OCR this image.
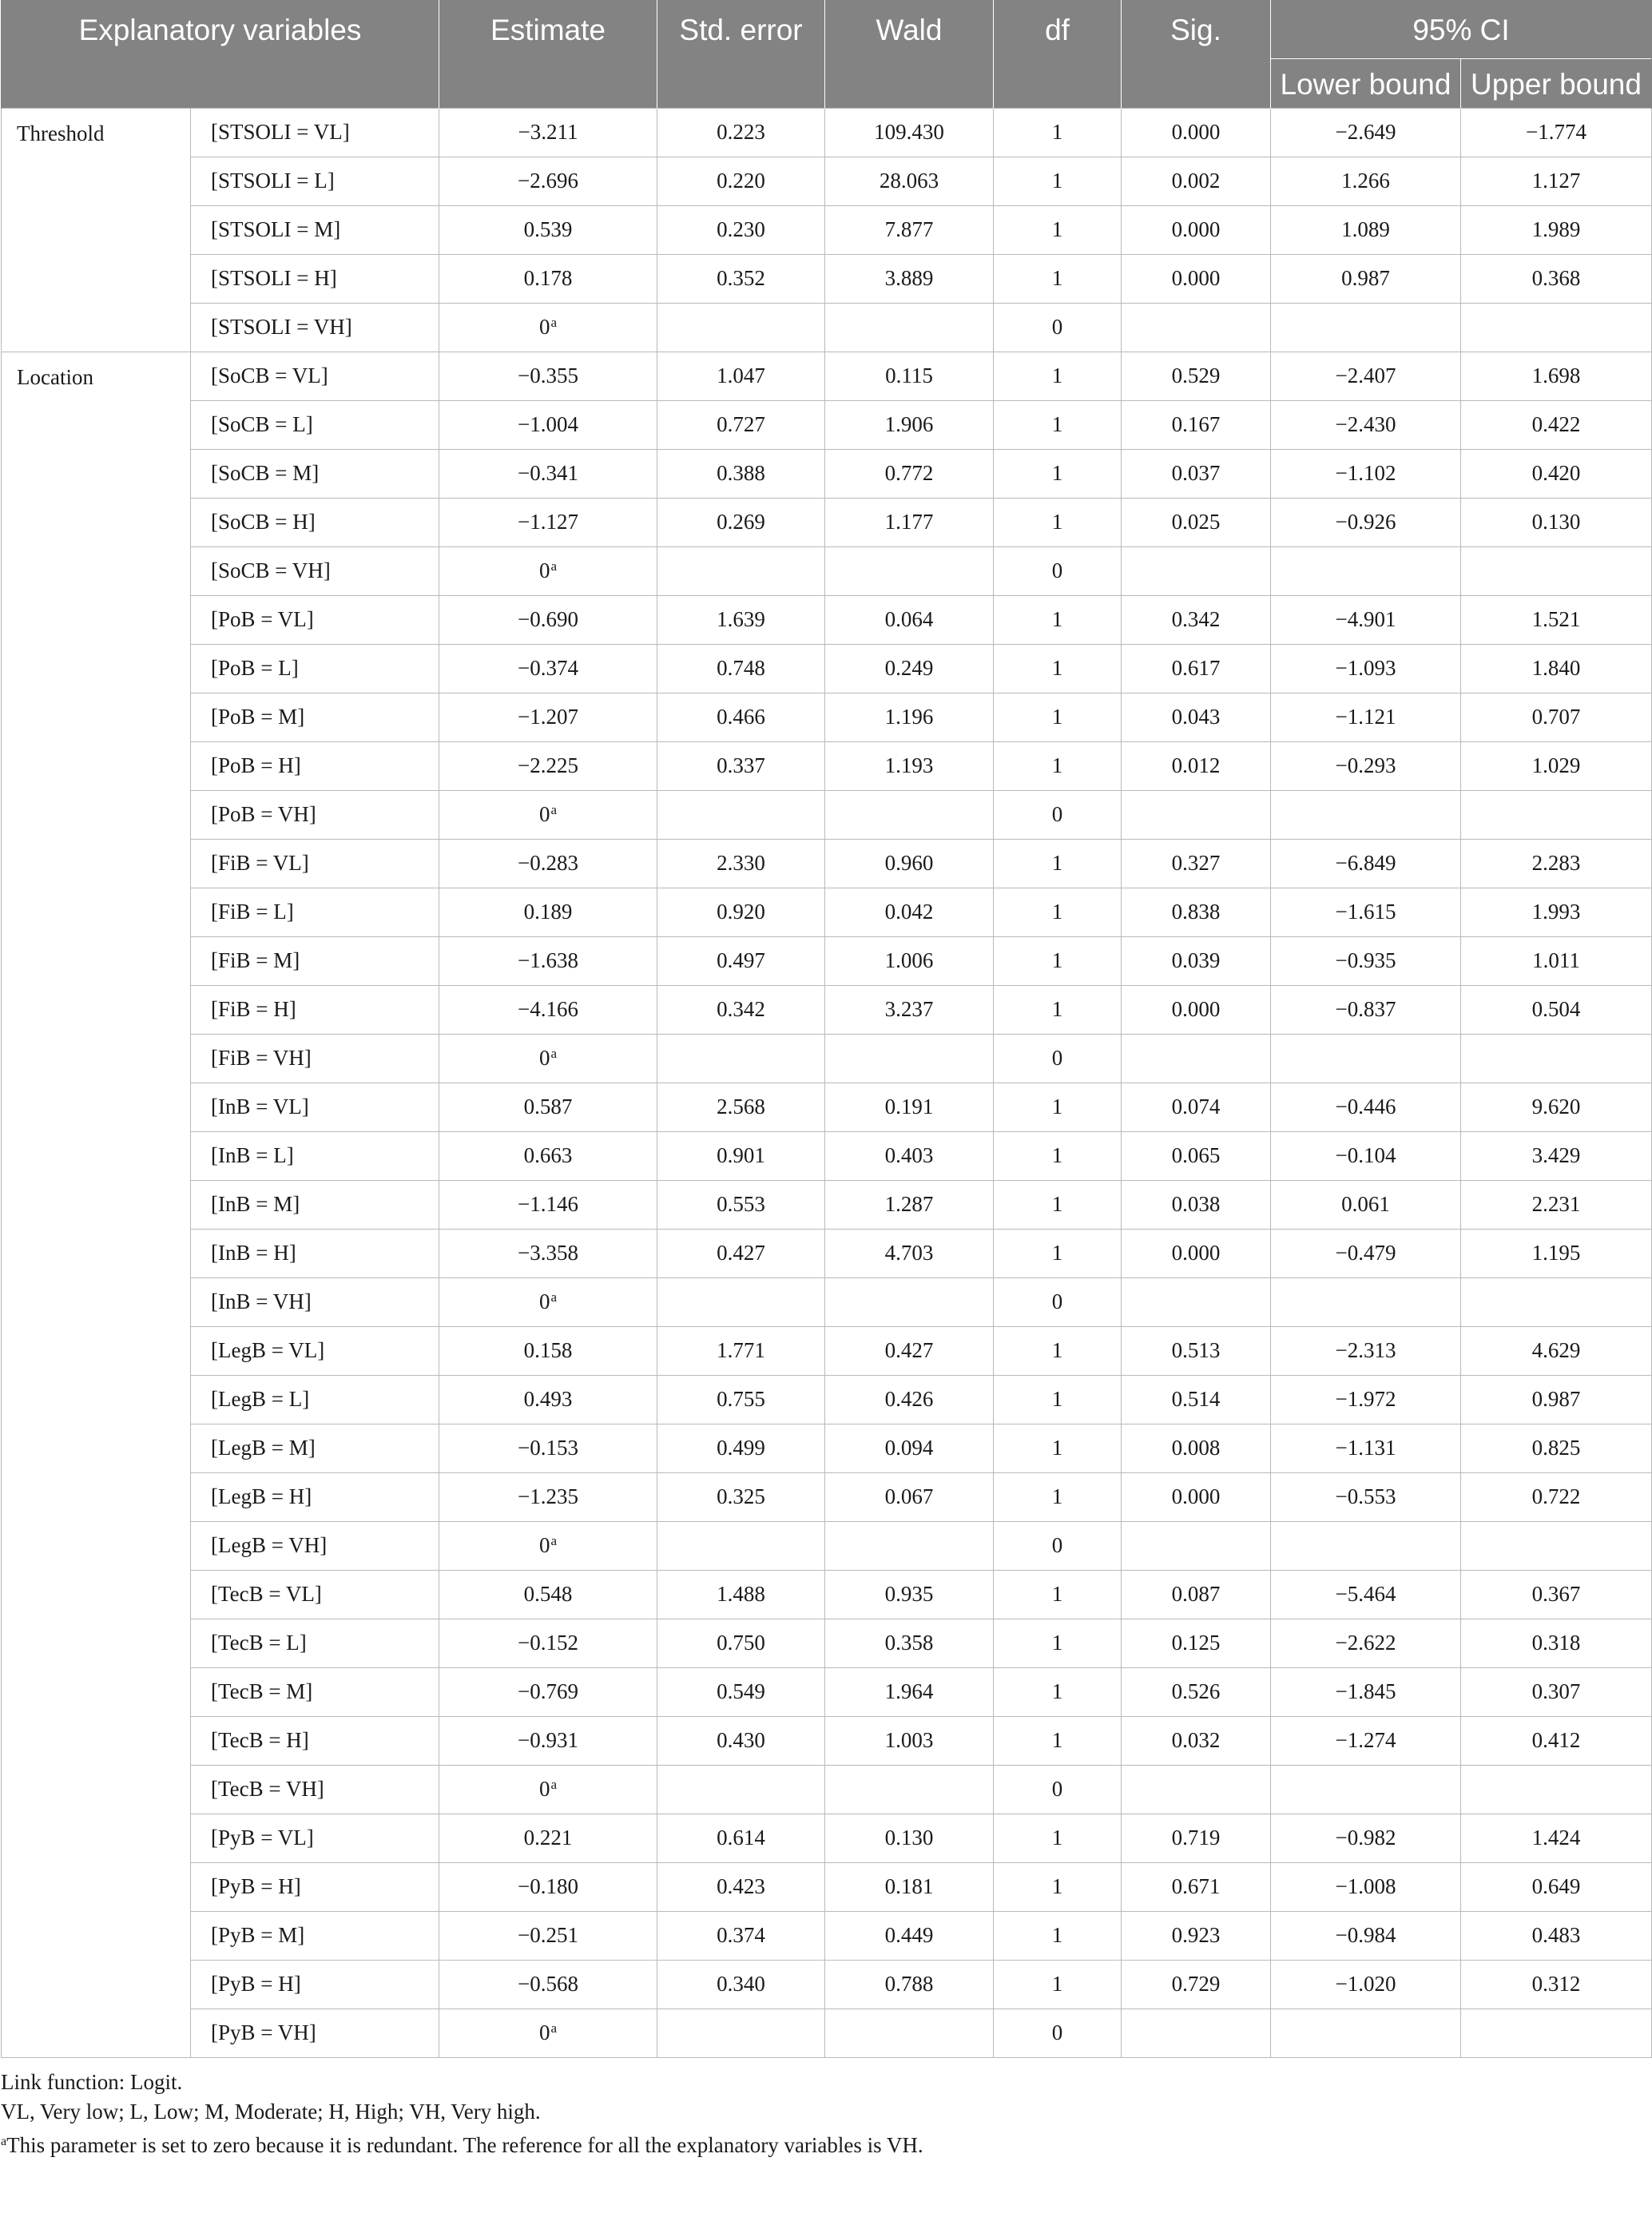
Explanatory variables		Estimate	Std. error	Wald	df	Sig.	95% CI	
							Lower bound	Upper bound
Threshold	[STSOLI = VL]	−3.211	0.223	109.430	1	0.000	−2.649	−1.774
	[STSOLI = L]	−2.696	0.220	28.063	1	0.002	1.266	1.127
	[STSOLI = M]	0.539	0.230	7.877	1	0.000	1.089	1.989
	[STSOLI = H]	0.178	0.352	3.889	1	0.000	0.987	0.368
	[STSOLI = VH]	0$^a$			0			
Location	[SoCB = VL]	−0.355	1.047	0.115	1	0.529	−2.407	1.698
	[SoCB = L]	−1.004	0.727	1.906	1	0.167	−2.430	0.422
	[SoCB = M]	−0.341	0.388	0.772	1	0.037	−1.102	0.420
	[SoCB = H]	−1.127	0.269	1.177	1	0.025	−0.926	0.130
	[SoCB = VH]	0$^a$			0			
	[PoB = VL]	−0.690	1.639	0.064	1	0.342	−4.901	1.521
	[PoB = L]	−0.374	0.748	0.249	1	0.617	−1.093	1.840
	[PoB = M]	−1.207	0.466	1.196	1	0.043	−1.121	0.707
	[PoB = H]	−2.225	0.337	1.193	1	0.012	−0.293	1.029
	[PoB = VH]	0$^a$			0			
	[FiB = VL]	−0.283	2.330	0.960	1	0.327	−6.849	2.283
	[FiB = L]	0.189	0.920	0.042	1	0.838	−1.615	1.993
	[FiB = M]	−1.638	0.497	1.006	1	0.039	−0.935	1.011
	[FiB = H]	−4.166	0.342	3.237	1	0.000	−0.837	0.504
	[FiB = VH]	0$^a$			0			
	[InB = VL]	0.587	2.568	0.191	1	0.074	−0.446	9.620
	[InB = L]	0.663	0.901	0.403	1	0.065	−0.104	3.429
	[InB = M]	−1.146	0.553	1.287	1	0.038	0.061	2.231
	[InB = H]	−3.358	0.427	4.703	1	0.000	−0.479	1.195
	[InB = VH]	0$^a$			0			
	[LegB = VL]	0.158	1.771	0.427	1	0.513	−2.313	4.629
	[LegB = L]	0.493	0.755	0.426	1	0.514	−1.972	0.987
	[LegB = M]	−0.153	0.499	0.094	1	0.008	−1.131	0.825
	[LegB = H]	−1.235	0.325	0.067	1	0.000	−0.553	0.722
	[LegB = VH]	0$^a$			0			
	[TecB = VL]	0.548	1.488	0.935	1	0.087	−5.464	0.367
	[TecB = L]	−0.152	0.750	0.358	1	0.125	−2.622	0.318
	[TecB = M]	−0.769	0.549	1.964	1	0.526	−1.845	0.307
	[TecB = H]	−0.931	0.430	1.003	1	0.032	−1.274	0.412
	[TecB = VH]	0$^a$			0			
	[PyB = VL]	0.221	0.614	0.130	1	0.719	−0.982	1.424
	[PyB = H]	−0.180	0.423	0.181	1	0.671	−1.008	0.649
	[PyB = M]	−0.251	0.374	0.449	1	0.923	−0.984	0.483
	[PyB = H]	−0.568	0.340	0.788	1	0.729	−1.020	0.312
	[PyB = VH]	0$^a$			0			
Link function: Logit.
VL, Very low; L, Low; M, Moderate; H, High; VH, Very high.
$^a$This parameter is set to zero because it is redundant. The reference for all the explanatory variables is VH.
